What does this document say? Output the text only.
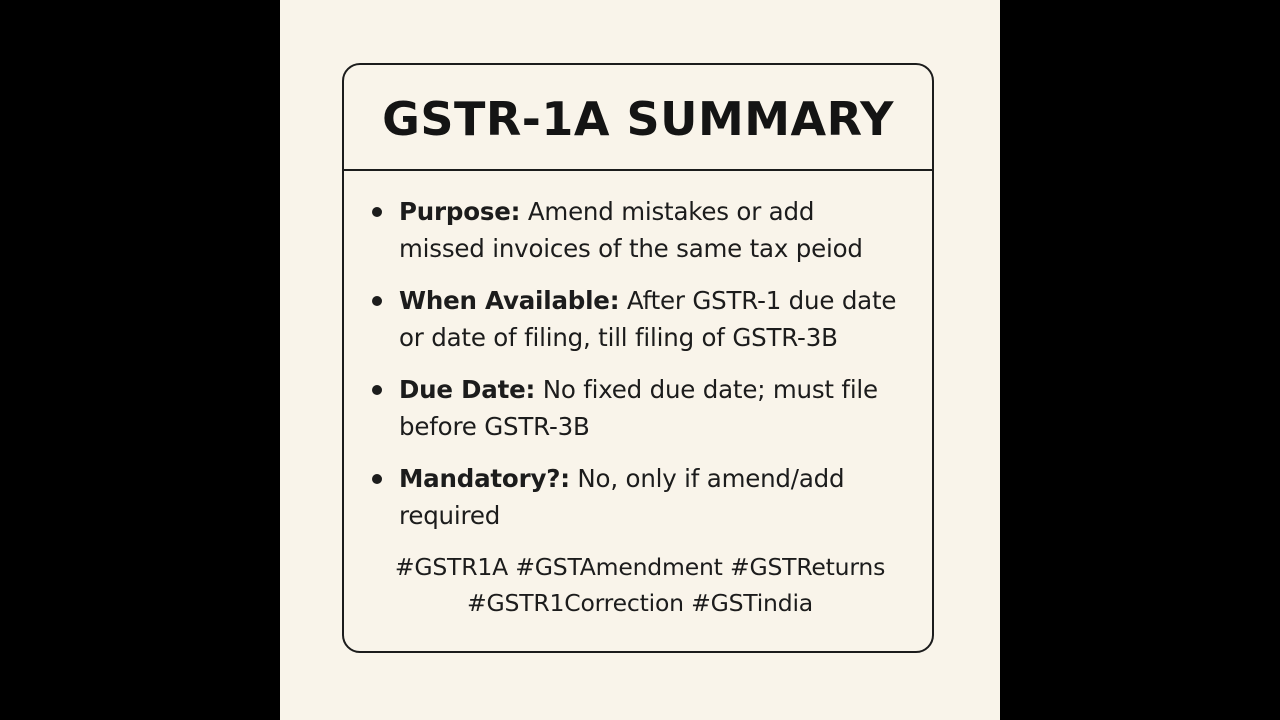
GSTR-1A SUMMARY
Purpose: Amend mistakes or add
missed invoices of the same tax peiod
When Available: After GSTR-1 due date
or date of filing, till filing of GSTR-3B
Due Date: No fixed due date; must file
before GSTR-3B
Mandatory?: No, only if amend/add
required
#GSTR1A #GSTAmendment #GSTReturns
#GSTR1Correction #GSTindia
